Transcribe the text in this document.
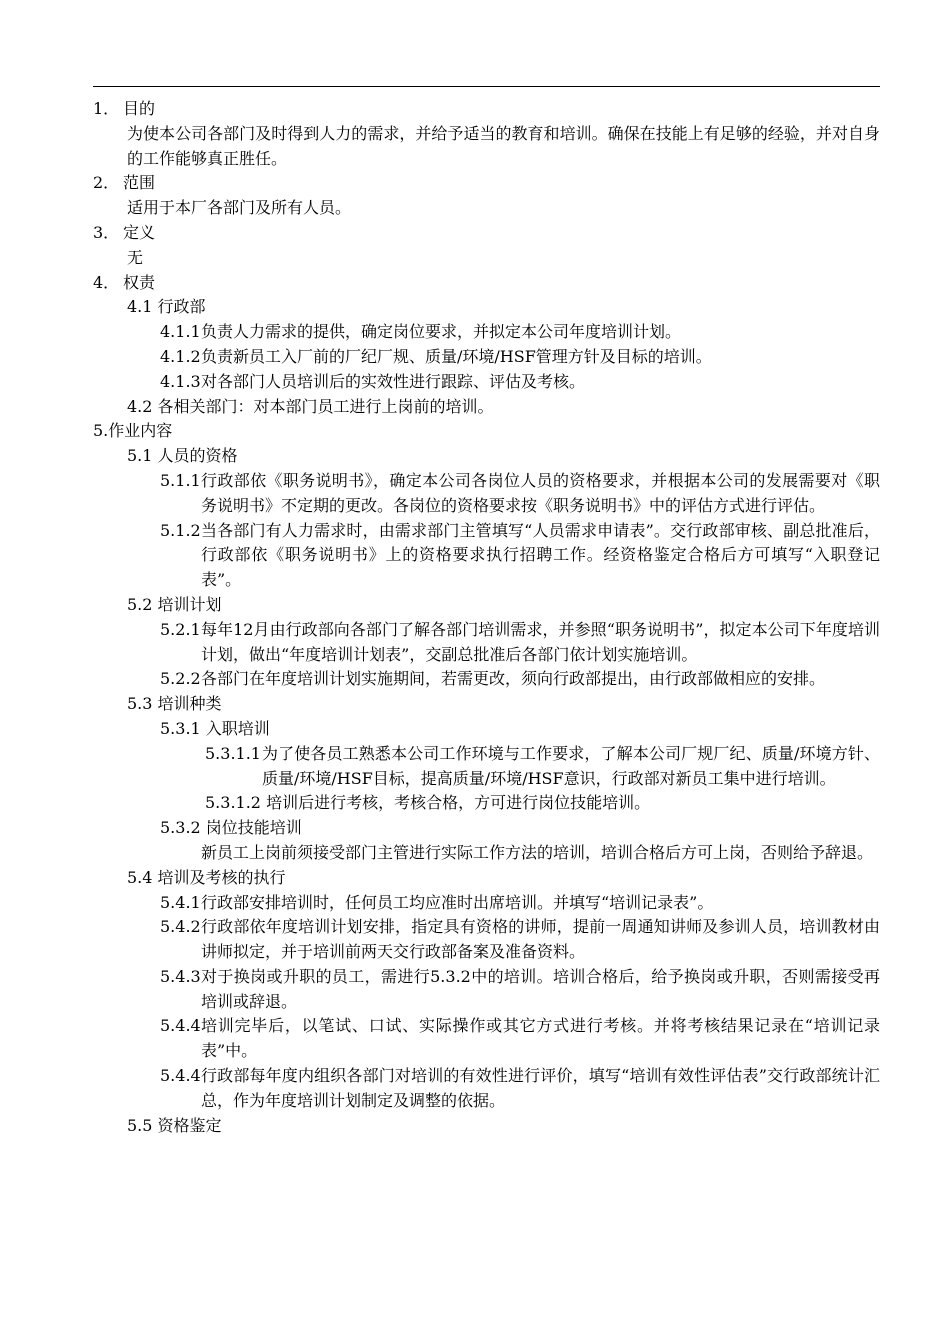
1． 目的
为使本公司各部门及时得到人力的需求，并给予适当的教育和培训。确保在技能上有足够的经验，并对自身的工作能够真正胜任。
2． 范围
适用于本厂各部门及所有人员。
3． 定义
无
4． 权责
4.1 行政部
4.1.1 负责人力需求的提供，确定岗位要求，并拟定本公司年度培训计划。
4.1.2 负责新员工入厂前的厂纪厂规、质量/环境/HSF管理方针及目标的培训。
4.1.3 对各部门人员培训后的实效性进行跟踪、评估及考核。
4.2 各相关部门：对本部门员工进行上岗前的培训。
5.作业内容
5.1 人员的资格
5.1.1 行政部依《职务说明书》，确定本公司各岗位人员的资格要求，并根据本公司的发展需要对《职务说明书》不定期的更改。各岗位的资格要求按《职务说明书》中的评估方式进行评估。
5.1.2 当各部门有人力需求时，由需求部门主管填写“人员需求申请表”。交行政部审核、副总批准后，行政部依《职务说明书》上的资格要求执行招聘工作。经资格鉴定合格后方可填写“入职登记表”。
5.2 培训计划
5.2.1 每年12月由行政部向各部门了解各部门培训需求，并参照“职务说明书”，拟定本公司下年度培训计划，做出“年度培训计划表”，交副总批准后各部门依计划实施培训。
5.2.2 各部门在年度培训计划实施期间，若需更改，须向行政部提出，由行政部做相应的安排。
5.3 培训种类
5.3.1 入职培训
5.3.1.1 为了使各员工熟悉本公司工作环境与工作要求，了解本公司厂规厂纪、质量/环境方针、质量/环境/HSF目标，提高质量/环境/HSF意识，行政部对新员工集中进行培训。
5.3.1.2 培训后进行考核，考核合格，方可进行岗位技能培训。
5.3.2 岗位技能培训
新员工上岗前须接受部门主管进行实际工作方法的培训，培训合格后方可上岗，否则给予辞退。
5.4 培训及考核的执行
5.4.1 行政部安排培训时，任何员工均应准时出席培训。并填写“培训记录表”。
5.4.2 行政部依年度培训计划安排，指定具有资格的讲师，提前一周通知讲师及参训人员，培训教材由讲师拟定，并于培训前两天交行政部备案及准备资料。
5.4.3 对于换岗或升职的员工，需进行5.3.2中的培训。培训合格后，给予换岗或升职，否则需接受再培训或辞退。
5.4.4 培训完毕后，以笔试、口试、实际操作或其它方式进行考核。并将考核结果记录在“培训记录表”中。
5.4.4 行政部每年度内组织各部门对培训的有效性进行评价，填写“培训有效性评估表”交行政部统计汇总，作为年度培训计划制定及调整的依据。
5.5 资格鉴定
